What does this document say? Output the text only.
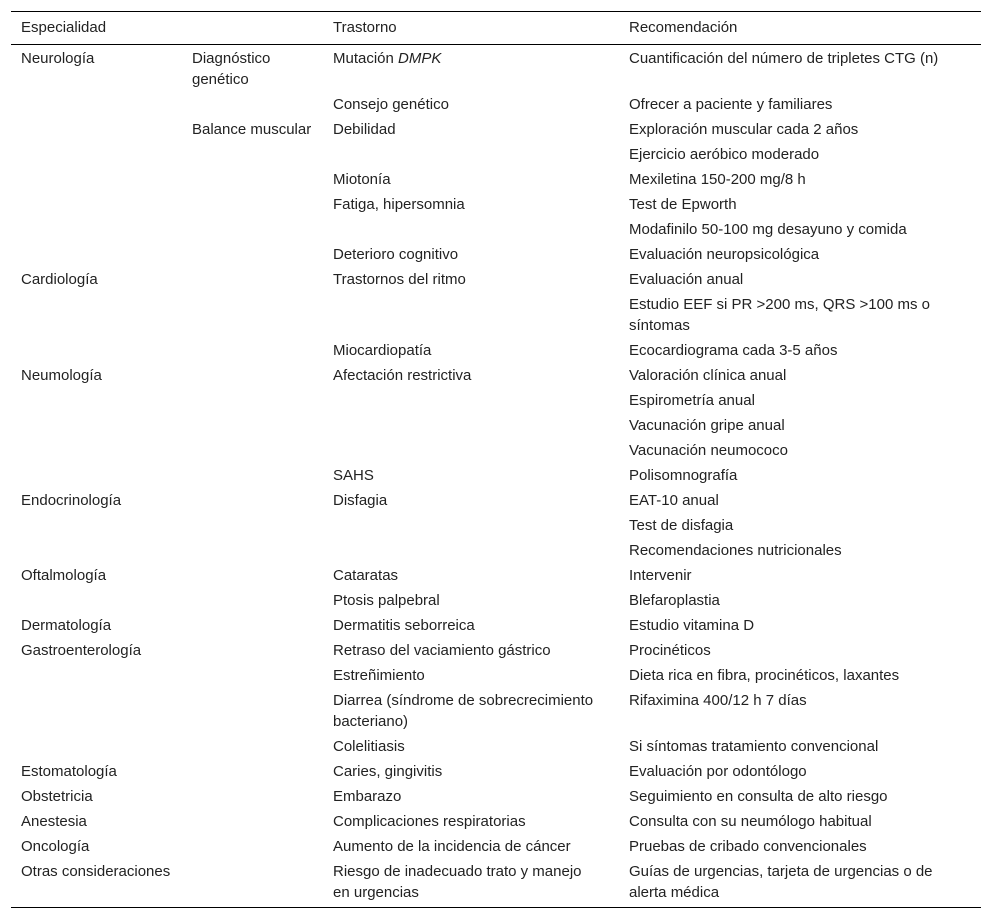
Especialidad		Trastorno	Recomendación
Neurología	Diagnóstico genético	Mutación DMPK	Cuantificación del número de tripletes CTG (n)
		Consejo genético	Ofrecer a paciente y familiares
	Balance muscular	Debilidad	Exploración muscular cada 2 años
			Ejercicio aeróbico moderado
		Miotonía	Mexiletina 150-200 mg/8 h
		Fatiga, hipersomnia	Test de Epworth
			Modafinilo 50-100 mg desayuno y comida
		Deterioro cognitivo	Evaluación neuropsicológica
Cardiología		Trastornos del ritmo	Evaluación anual
			Estudio EEF si PR >200 ms, QRS >100 ms o síntomas
		Miocardiopatía	Ecocardiograma cada 3-5 años
Neumología		Afectación restrictiva	Valoración clínica anual
			Espirometría anual
			Vacunación gripe anual
			Vacunación neumococo
		SAHS	Polisomnografía
Endocrinología		Disfagia	EAT-10 anual
			Test de disfagia
			Recomendaciones nutricionales
Oftalmología		Cataratas	Intervenir
		Ptosis palpebral	Blefaroplastia
Dermatología		Dermatitis seborreica	Estudio vitamina D
Gastroenterología		Retraso del vaciamiento gástrico	Procinéticos
		Estreñimiento	Dieta rica en fibra, procinéticos, laxantes
		Diarrea (síndrome de sobrecrecimiento bacteriano)	Rifaximina 400/12 h 7 días
		Colelitiasis	Si síntomas tratamiento convencional
Estomatología		Caries, gingivitis	Evaluación por odontólogo
Obstetricia		Embarazo	Seguimiento en consulta de alto riesgo
Anestesia		Complicaciones respiratorias	Consulta con su neumólogo habitual
Oncología		Aumento de la incidencia de cáncer	Pruebas de cribado convencionales
Otras consideraciones		Riesgo de inadecuado trato y manejo en urgencias	Guías de urgencias, tarjeta de urgencias o de alerta médica
